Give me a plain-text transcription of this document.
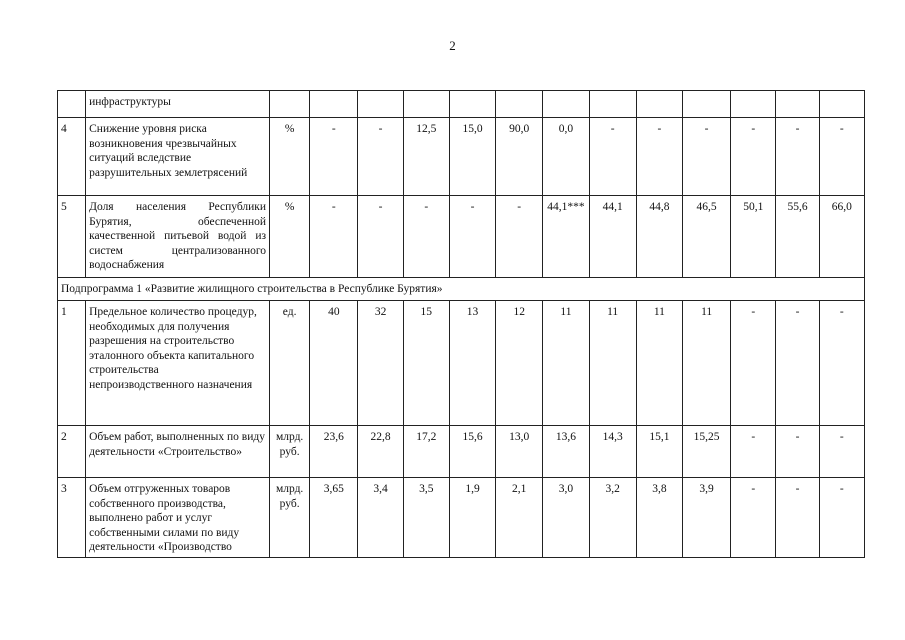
2
	инфраструктуры													
4	Снижение уровня риска возникновения чрезвычайных ситуаций вследствие разрушительных землетрясений	%	-	-	12,5	15,0	90,0	0,0	-	-	-	-	-	-
5	Доля населения Республики Бурятия, обеспеченной качественной питьевой водой из систем централизованного водоснабжения	%	-	-	-	-	-	44,1***	44,1	44,8	46,5	50,1	55,6	66,0
Подпрограмма 1 «Развитие жилищного строительства в Республике Бурятия»														
1	Предельное количество процедур, необходимых для получения разрешения на строительство эталонного объекта капитального строительства непроизводственного назначения	ед.	40	32	15	13	12	11	11	11	11	-	-	-
2	Объем работ, выполненных по виду деятельности «Строительство»	млрд. руб.	23,6	22,8	17,2	15,6	13,0	13,6	14,3	15,1	15,25	-	-	-
3	Объем отгруженных товаров собственного производства, выполнено работ и услуг собственными силами по виду деятельности «Производство	млрд. руб.	3,65	3,4	3,5	1,9	2,1	3,0	3,2	3,8	3,9	-	-	-
